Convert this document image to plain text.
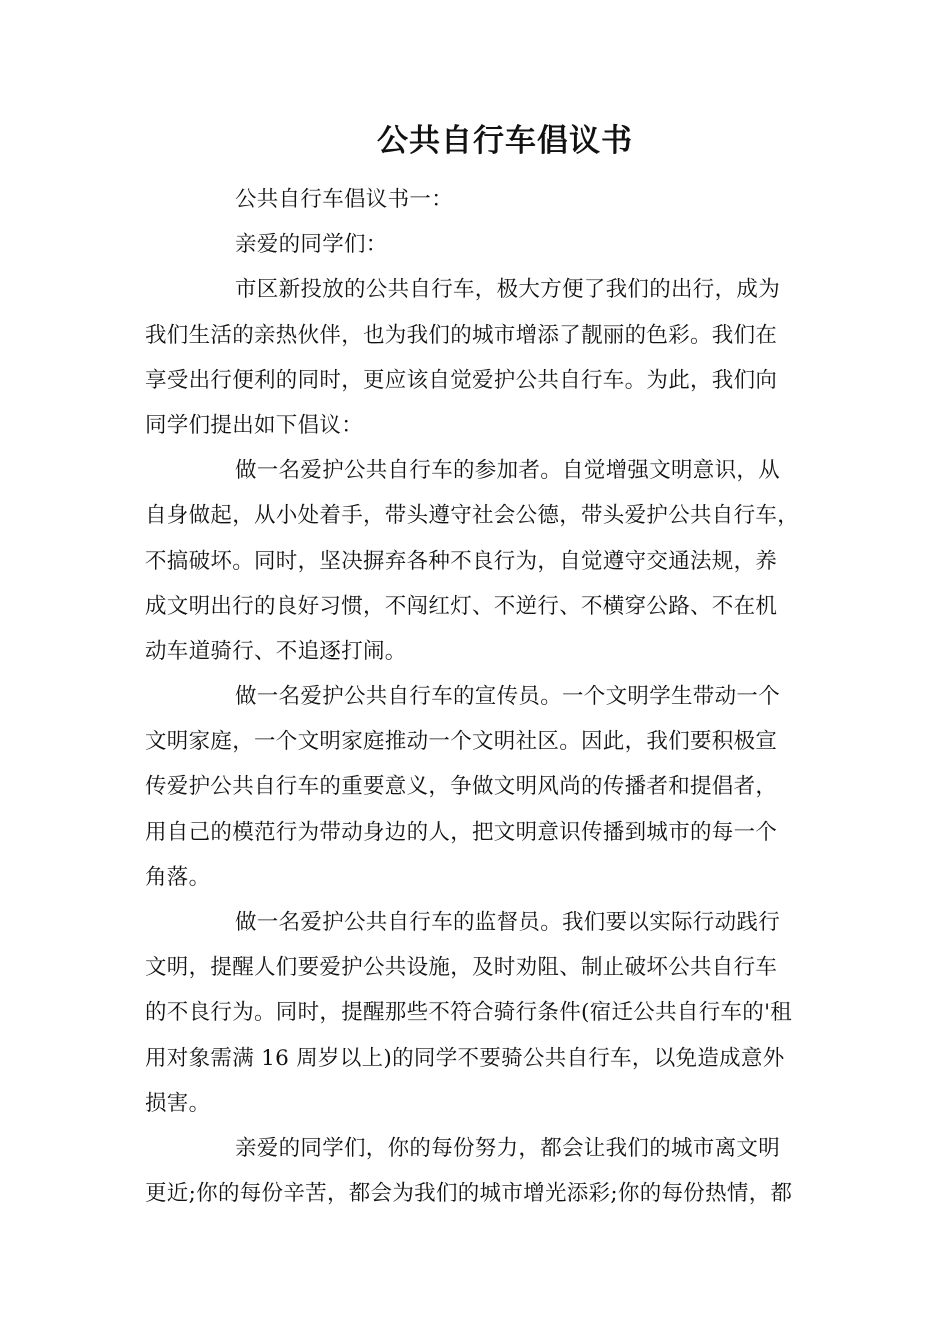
公共自行车倡议书
公共自行车倡议书一：
亲爱的同学们：
市区新投放的公共自行车，极大方便了我们的出行，成为
我们生活的亲热伙伴，也为我们的城市增添了靓丽的色彩。我们在
享受出行便利的同时，更应该自觉爱护公共自行车。为此，我们向
同学们提出如下倡议：
做一名爱护公共自行车的参加者。自觉增强文明意识，从
自身做起，从小处着手，带头遵守社会公德，带头爱护公共自行车，
不搞破坏。同时，坚决摒弃各种不良行为，自觉遵守交通法规，养
成文明出行的良好习惯，不闯红灯、不逆行、不横穿公路、不在机
动车道骑行、不追逐打闹。
做一名爱护公共自行车的宣传员。一个文明学生带动一个
文明家庭，一个文明家庭推动一个文明社区。因此，我们要积极宣
传爱护公共自行车的重要意义，争做文明风尚的传播者和提倡者，
用自己的模范行为带动身边的人，把文明意识传播到城市的每一个
角落。
做一名爱护公共自行车的监督员。我们要以实际行动践行
文明，提醒人们要爱护公共设施，及时劝阻、制止破坏公共自行车
的不良行为。同时，提醒那些不符合骑行条件(宿迁公共自行车的'租
用对象需满 16 周岁以上)的同学不要骑公共自行车，以免造成意外
损害。
亲爱的同学们，你的每份努力，都会让我们的城市离文明
更近;你的每份辛苦，都会为我们的城市增光添彩;你的每份热情，都
